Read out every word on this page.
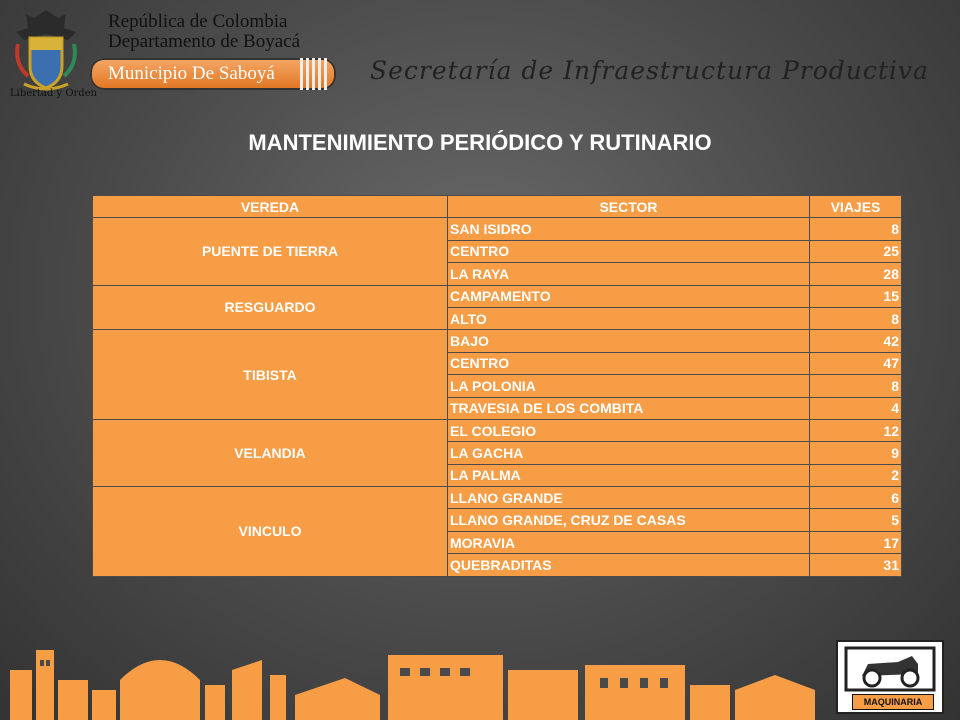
Libertad y Orden
República de Colombia
Departamento de Boyacá
Municipio De Saboyá	Secretaría de Infraestructura Productiva
MANTENIMIENTO PERIÓDICO Y RUTINARIO
VEREDA	SECTOR	VIAJES
PUENTE DE TIERRA	SAN ISIDRO	8
	CENTRO	25
	LA RAYA	28
RESGUARDO	CAMPAMENTO	15
	ALTO	8
TIBISTA	BAJO	42
	CENTRO	47
	LA POLONIA	8
	TRAVESIA DE LOS COMBITA	4
VELANDIA	EL COLEGIO	12
	LA GACHA	9
	LA PALMA	2
VINCULO	LLANO GRANDE	6
	LLANO GRANDE, CRUZ DE CASAS	5
	MORAVIA	17
	QUEBRADITAS	31
MAQUINARIA
